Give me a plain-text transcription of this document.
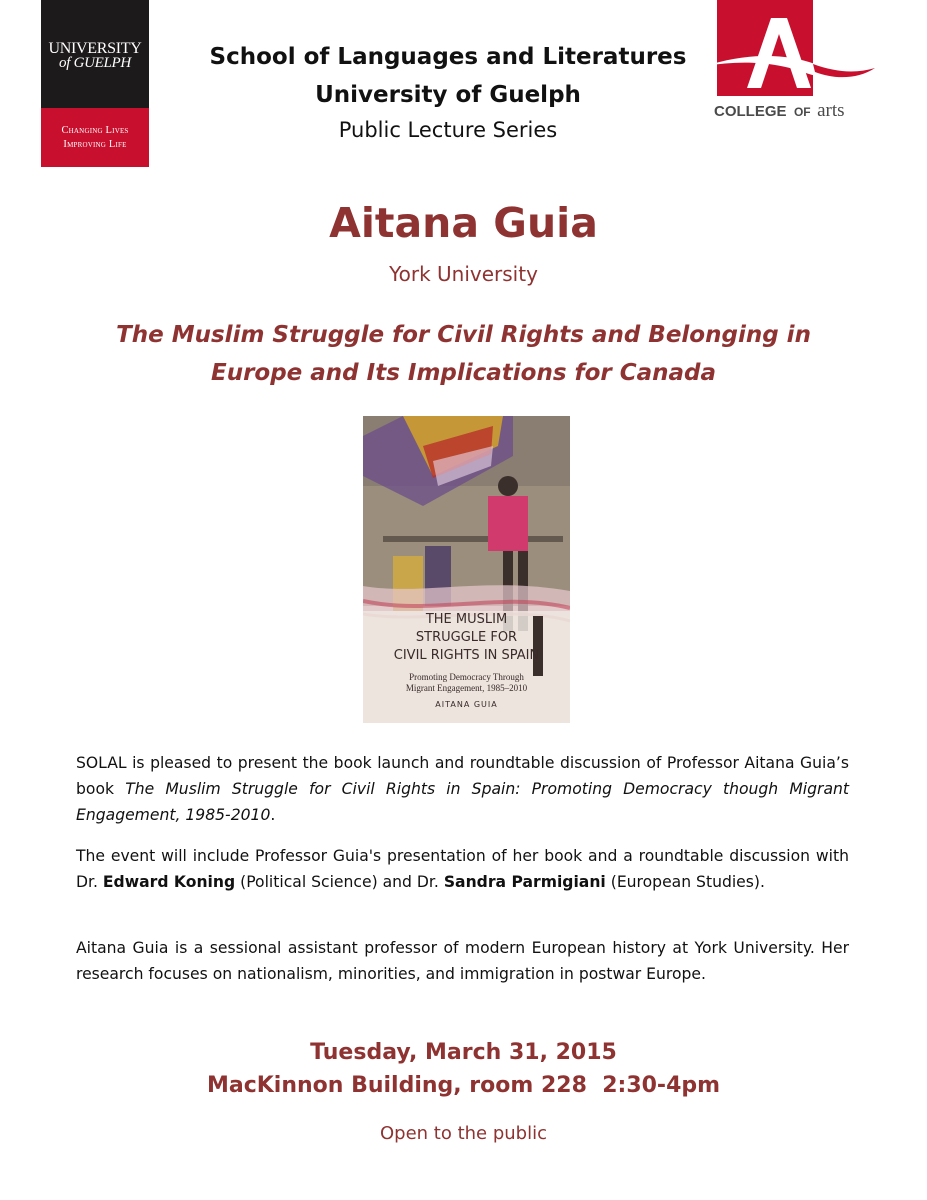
UNIVERSITY
of GUELPH
Changing Lives
Improving Life
COLLEGE OF arts
School of Languages and Literatures
University of Guelph
Public Lecture Series
Aitana Guia
York University
The Muslim Struggle for Civil Rights and Belonging in
Europe and Its Implications for Canada
THE MUSLIM
STRUGGLE FOR
CIVIL RIGHTS IN SPAIN
Promoting Democracy Through
Migrant Engagement, 1985–2010
AITANA GUIA
SOLAL is pleased to present the book launch and roundtable discussion of Professor Aitana Guia’s book The Muslim Struggle for Civil Rights in Spain: Promoting Democracy though Migrant Engagement, 1985-2010.
The event will include Professor Guia's presentation of her book and a roundtable discussion with Dr. Edward Koning (Political Science) and Dr. Sandra Parmigiani (European Studies).
Aitana Guia is a sessional assistant professor of modern European history at York University. Her research focuses on nationalism, minorities, and immigration in postwar Europe.
Tuesday, March 31, 2015
MacKinnon Building, room 228  2:30-4pm
Open to the public
